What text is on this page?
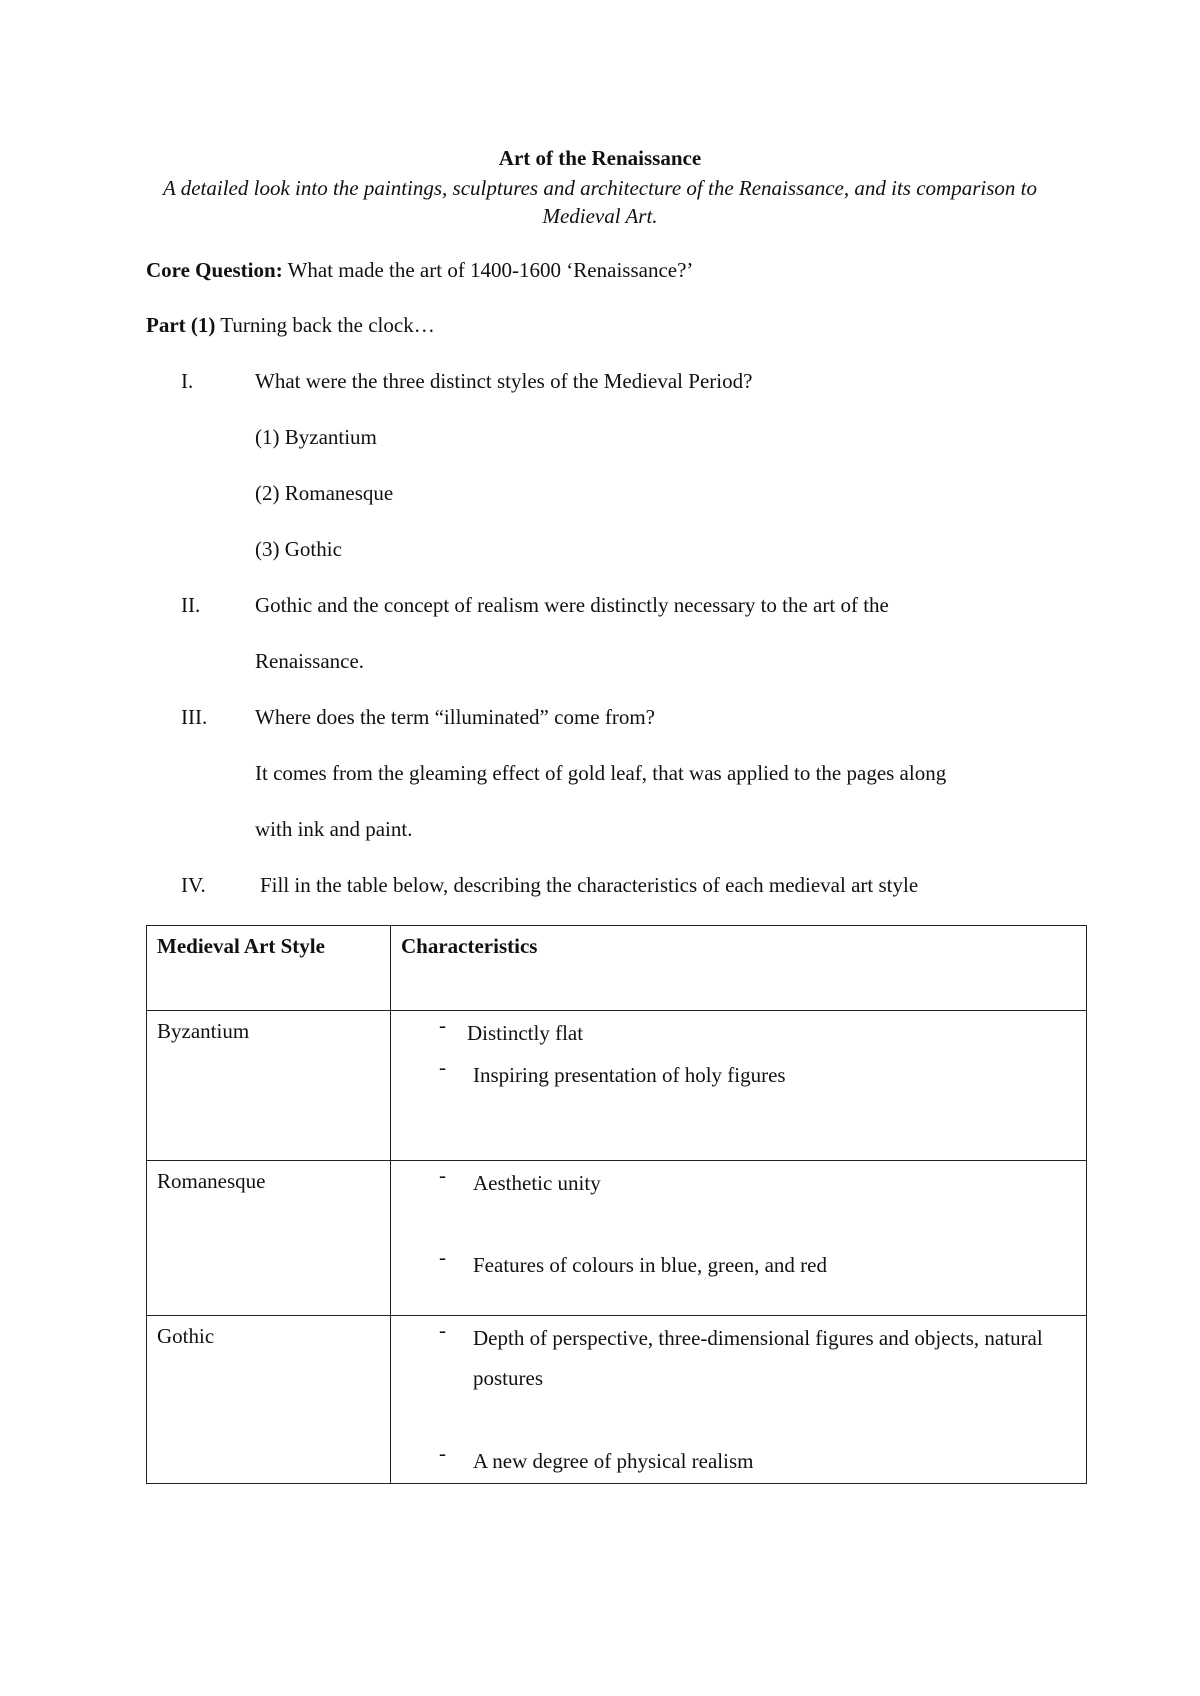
Art of the Renaissance
A detailed look into the paintings, sculptures and architecture of the Renaissance, and its comparison to Medieval Art.
Core Question: What made the art of 1400-1600 ‘Renaissance?’
Part (1) Turning back the clock…
I.	What were the three distinct styles of the Medieval Period?
(1) Byzantium
(2) Romanesque
(3) Gothic
II.	Gothic and the concept of realism were distinctly necessary to the art of the
Renaissance.
III. Where does the term “illuminated” come from?
It comes from the gleaming effect of gold leaf, that was applied to the pages along
with ink and paint.
IV.	Fill in the table below, describing the characteristics of each medieval art style
Medieval Art Style	Characteristics
Byzantium	- Distinctly flat
- Inspiring presentation of holy figures

Romanesque	- Aesthetic unity
- Features of colours in blue, green, and red

Gothic	- Depth of perspective, three-dimensional figures and objects, natural postures
- A new degree of physical realism
